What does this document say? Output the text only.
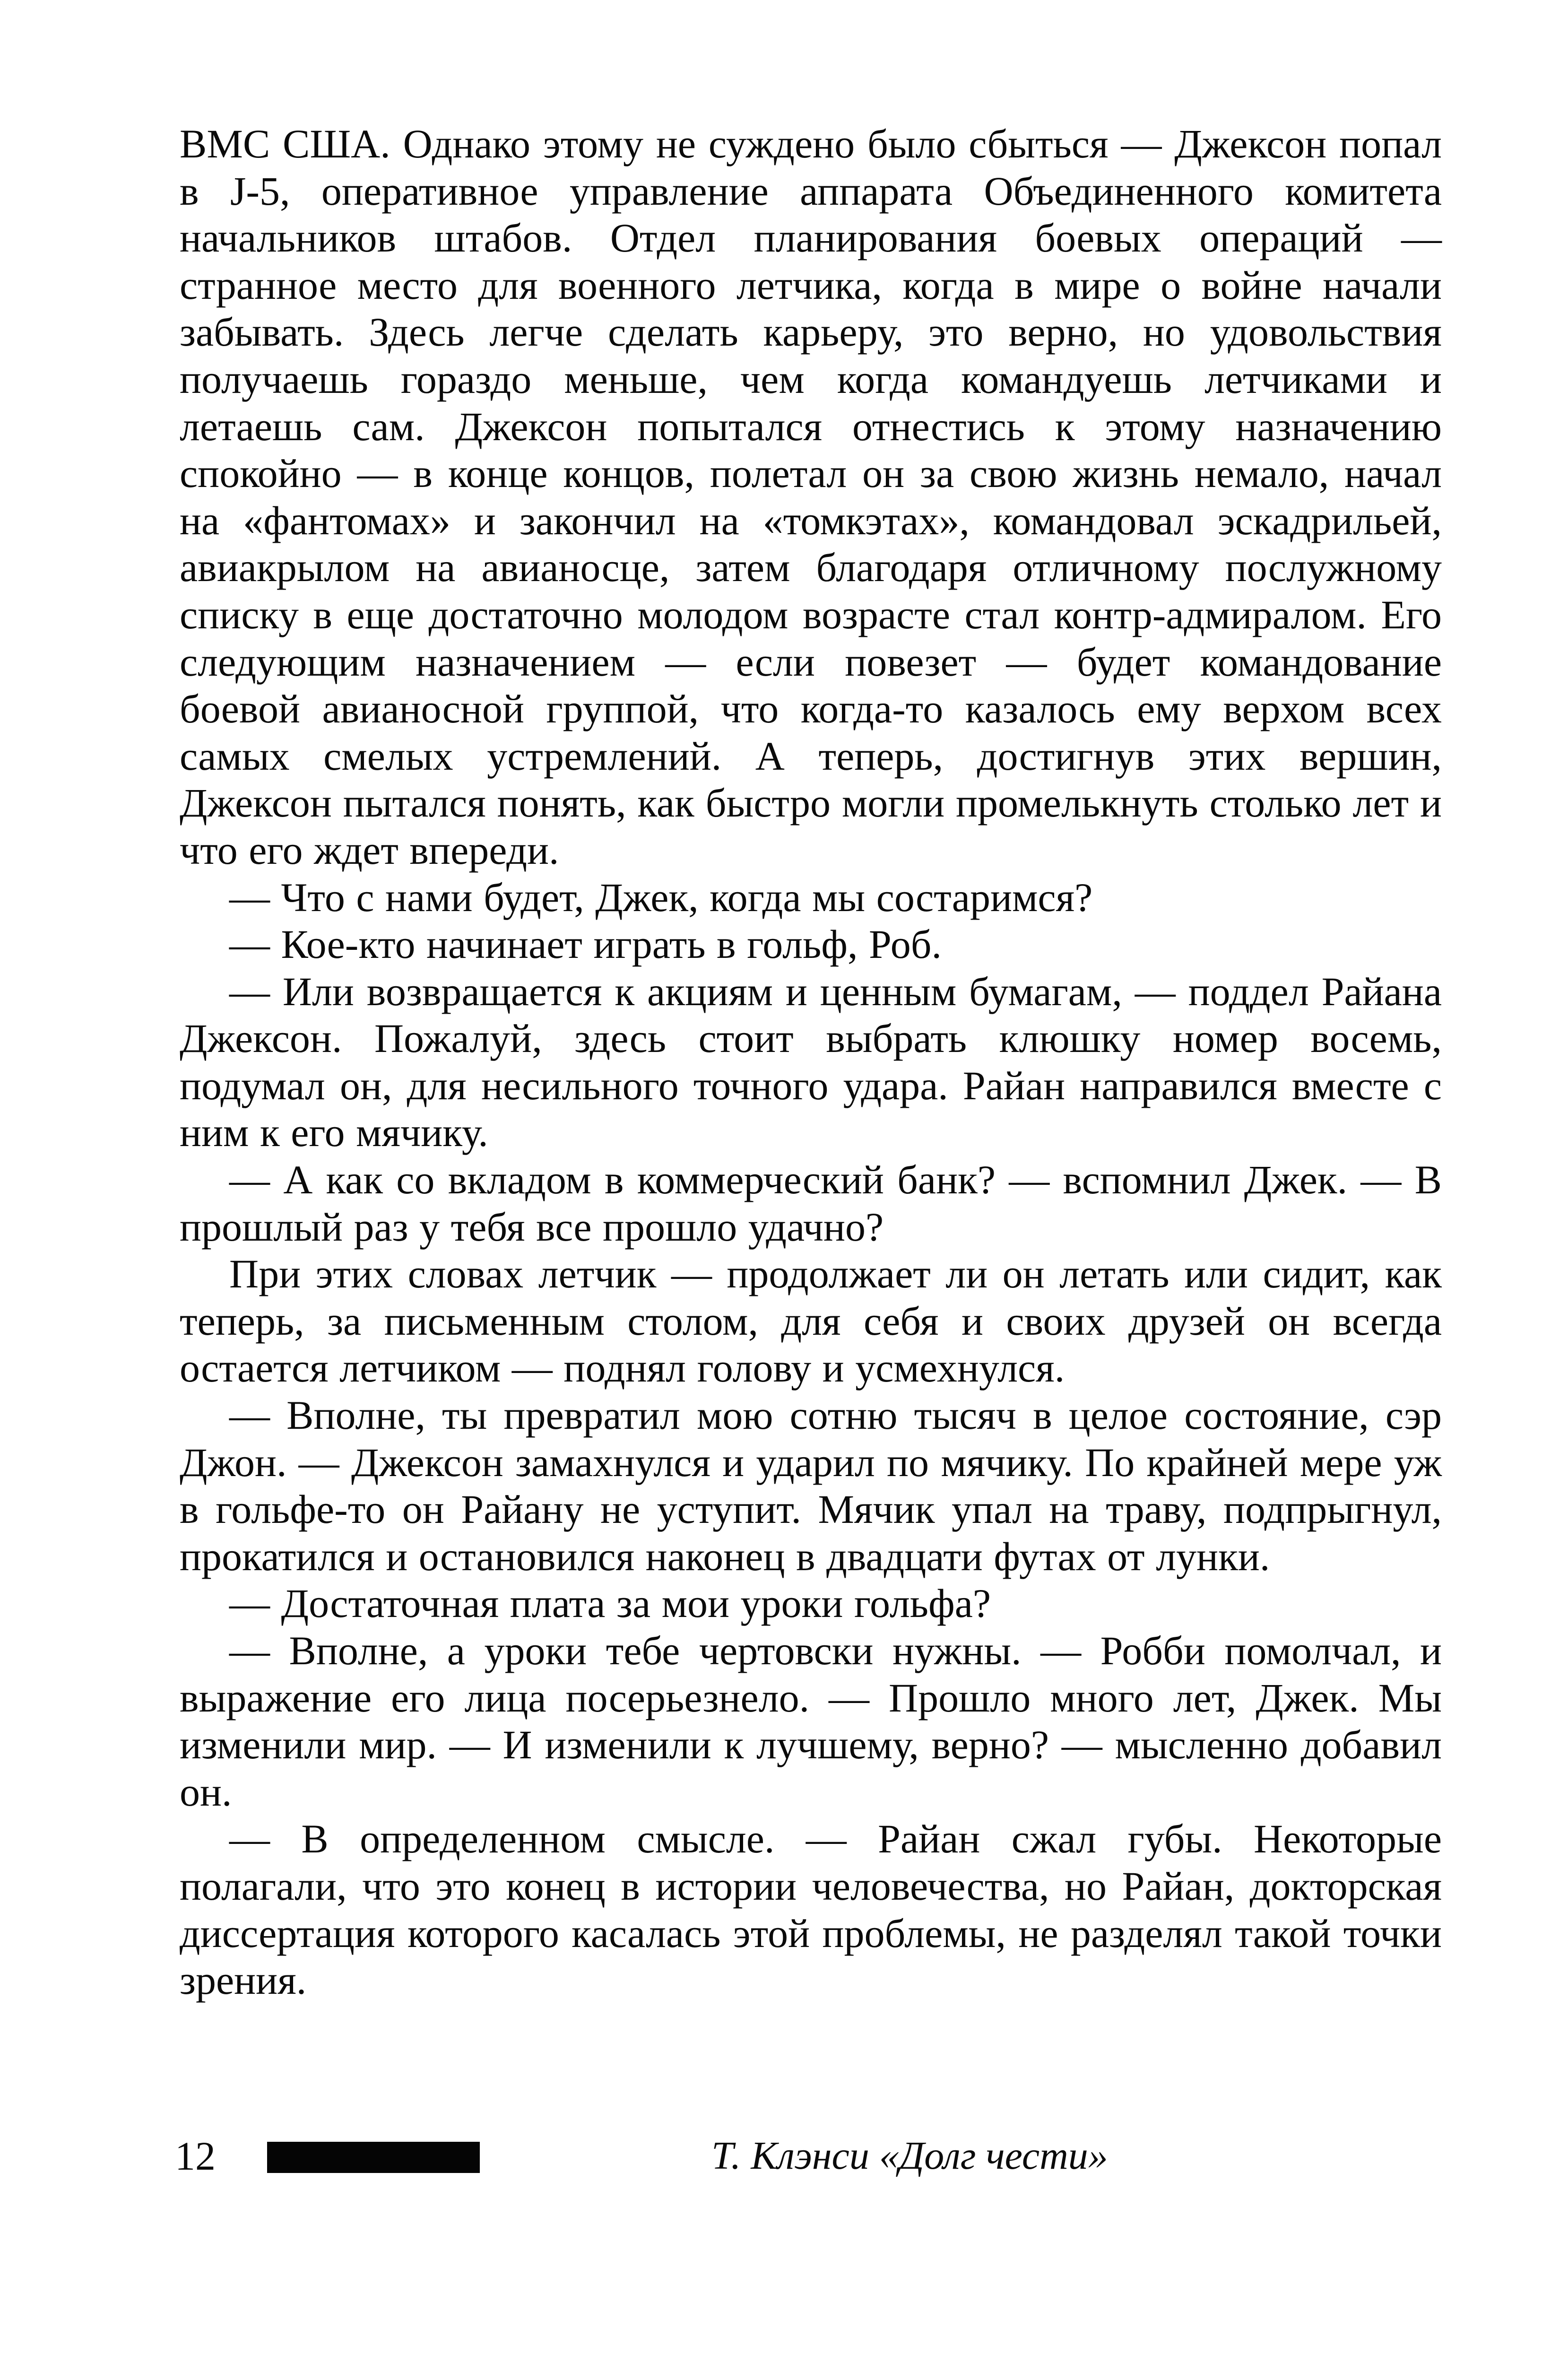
ВМС США. Однако этому не суждено было сбыться — Джексон попал в J-5, оперативное управление аппарата Объединенного комитета начальников штабов. Отдел планирования боевых операций — странное место для военного летчика, когда в мире о войне начали забывать. Здесь легче сделать карьеру, это верно, но удовольствия получаешь гораздо меньше, чем когда командуешь летчиками и летаешь сам. Джексон попытался отнестись к этому назначению спокойно — в конце концов, полетал он за свою жизнь немало, начал на «фантомах» и закончил на «томкэтах», командовал эскадрильей, авиакрылом на авианосце, затем благодаря отличному послужному списку в еще достаточно молодом возрасте стал контр-адмиралом. Его следующим назначением — если повезет — будет командование боевой авианосной группой, что когда-то казалось ему верхом всех самых смелых устремлений. А теперь, достигнув этих вершин, Джексон пытался понять, как быстро могли промелькнуть столько лет и что его ждет впереди.

— Что с нами будет, Джек, когда мы состаримся?

— Кое-кто начинает играть в гольф, Роб.

— Или возвращается к акциям и ценным бумагам, — поддел Райана Джексон. Пожалуй, здесь стоит выбрать клюшку номер восемь, подумал он, для несильного точного удара. Райан направился вместе с ним к его мячику.

— А как со вкладом в коммерческий банк? — вспомнил Джек. — В прошлый раз у тебя все прошло удачно?

При этих словах летчик — продолжает ли он летать или сидит, как теперь, за письменным столом, для себя и своих друзей он всегда остается летчиком — поднял голову и усмехнулся.

— Вполне, ты превратил мою сотню тысяч в целое состояние, сэр Джон. — Джексон замахнулся и ударил по мячику. По крайней мере уж в гольфе-то он Райану не уступит. Мячик упал на траву, подпрыгнул, прокатился и остановился наконец в двадцати футах от лунки.

— Достаточная плата за мои уроки гольфа?

— Вполне, а уроки тебе чертовски нужны. — Робби помолчал, и выражение его лица посерьезнело. — Прошло много лет, Джек. Мы изменили мир. — И изменили к лучшему, верно? — мысленно добавил он.

— В определенном смысле. — Райан сжал губы. Некоторые полагали, что это конец в истории человечества, но Райан, докторская диссертация которого касалась этой проблемы, не разделял такой точки зрения.

12	Т. Клэнси «Долг чести»
